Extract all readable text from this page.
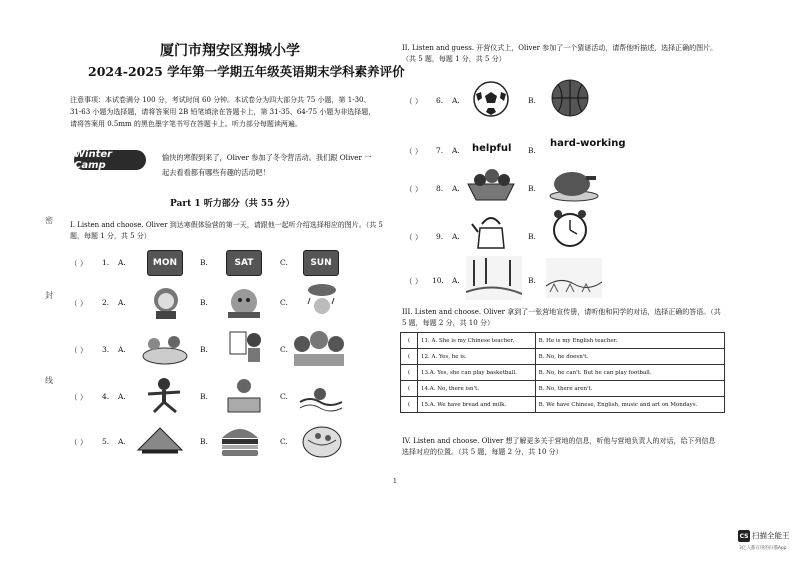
密
封
线
厦门市翔安区翔城小学
2024-2025 学年第一学期五年级英语期末学科素养评价
注意事项：本试卷满分 100 分，考试时间 60 分钟。本试卷分为四大部分共 75 小题，第 1-30、31-63 小题为选择题，请将答案用 2B 铅笔填涂在答题卡上，第 31-35、64-75 小题为非选择题，请将答案用 0.5mm 的黑色墨字笔书写在答题卡上。听力部分每题读两遍。
Winter Camp
愉快的寒假到来了，Oliver 参加了冬令营活动。我们跟 Oliver 一起去看看都有哪些有趣的活动吧！
Part 1 听力部分（共 55 分）
I. Listen and choose. Oliver 到达寒假体验营的第一天，请跟他一起听介绍选择相应的图片。（共 5 题，每题 1 分，共 5 分）
（ ） 1. A.	B.	C.
MON	SAT	SUN
（ ） 2. A.	B.	C.
（ ） 3. A.	B.	C.
（ ） 4. A.	B.	C.
（ ） 5. A.	B.	C.
II. Listen and guess. 开营仪式上，Oliver 参加了一个猜谜活动，请帮他听描述，选择正确的图片。（共 5 题，每题 1 分，共 5 分）
（ ） 6. A.	B.
（ ） 7. A.	B.
helpful	hard-working
（ ） 8. A.	B.
（ ） 9. A.	B.
（ ） 10. A.	B.
III. Listen and choose. Oliver 拿到了一张营地宣传册，请听他和同学的对话，选择正确的答语。（共 5 题，每题 2 分，共 10 分）
(	11. A. She is my Chinese teacher.	B. He is my English teacher.
(	12. A. Yes, he is.	B. No, he doesn't.
(	13.A. Yes, she can play basketball.	B. No, he can't. But he can play football.
(	14.A. No, there isn't.	B. No, there aren't.
(	15.A. We have bread and milk.	B. We have Chinese, English, music and art on Mondays.
IV. Listen and choose. Oliver 想了解更多关于营地的信息，听他与营地负责人的对话，给下列信息选择对应的位置。（共 5 题，每题 2 分，共 10 分）
1
CS 扫描全能王
3亿人都在用的扫描App
